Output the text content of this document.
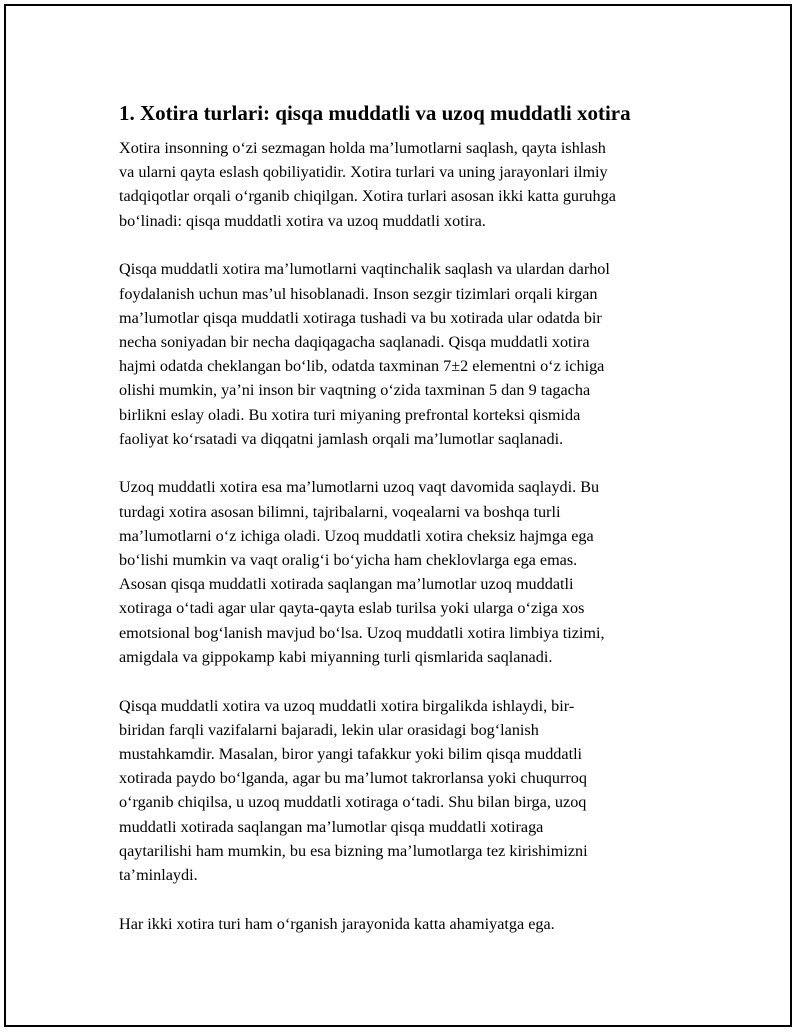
1. Xotira turlari: qisqa muddatli va uzoq muddatli xotira

Xotira insonning o‘zi sezmagan holda ma’lumotlarni saqlash, qayta ishlash
va ularni qayta eslash qobiliyatidir. Xotira turlari va uning jarayonlari ilmiy
tadqiqotlar orqali o‘rganib chiqilgan. Xotira turlari asosan ikki katta guruhga
bo‘linadi: qisqa muddatli xotira va uzoq muddatli xotira.

Qisqa muddatli xotira ma’lumotlarni vaqtinchalik saqlash va ulardan darhol
foydalanish uchun mas’ul hisoblanadi. Inson sezgir tizimlari orqali kirgan
ma’lumotlar qisqa muddatli xotiraga tushadi va bu xotirada ular odatda bir
necha soniyadan bir necha daqiqagacha saqlanadi. Qisqa muddatli xotira
hajmi odatda cheklangan bo‘lib, odatda taxminan 7±2 elementni o‘z ichiga
olishi mumkin, ya’ni inson bir vaqtning o‘zida taxminan 5 dan 9 tagacha
birlikni eslay oladi. Bu xotira turi miyaning prefrontal korteksi qismida
faoliyat ko‘rsatadi va diqqatni jamlash orqali ma’lumotlar saqlanadi.

Uzoq muddatli xotira esa ma’lumotlarni uzoq vaqt davomida saqlaydi. Bu
turdagi xotira asosan bilimni, tajribalarni, voqealarni va boshqa turli
ma’lumotlarni o‘z ichiga oladi. Uzoq muddatli xotira cheksiz hajmga ega
bo‘lishi mumkin va vaqt oralig‘i bo‘yicha ham cheklovlarga ega emas.
Asosan qisqa muddatli xotirada saqlangan ma’lumotlar uzoq muddatli
xotiraga o‘tadi agar ular qayta-qayta eslab turilsa yoki ularga o‘ziga xos
emotsional bog‘lanish mavjud bo‘lsa. Uzoq muddatli xotira limbiya tizimi,
amigdala va gippokamp kabi miyanning turli qismlarida saqlanadi.

Qisqa muddatli xotira va uzoq muddatli xotira birgalikda ishlaydi, bir-
biridan farqli vazifalarni bajaradi, lekin ular orasidagi bog‘lanish
mustahkamdir. Masalan, biror yangi tafakkur yoki bilim qisqa muddatli
xotirada paydo bo‘lganda, agar bu ma’lumot takrorlansa yoki chuqurroq
o‘rganib chiqilsa, u uzoq muddatli xotiraga o‘tadi. Shu bilan birga, uzoq
muddatli xotirada saqlangan ma’lumotlar qisqa muddatli xotiraga
qaytarilishi ham mumkin, bu esa bizning ma’lumotlarga tez kirishimizni
ta’minlaydi.

Har ikki xotira turi ham o‘rganish jarayonida katta ahamiyatga ega.
